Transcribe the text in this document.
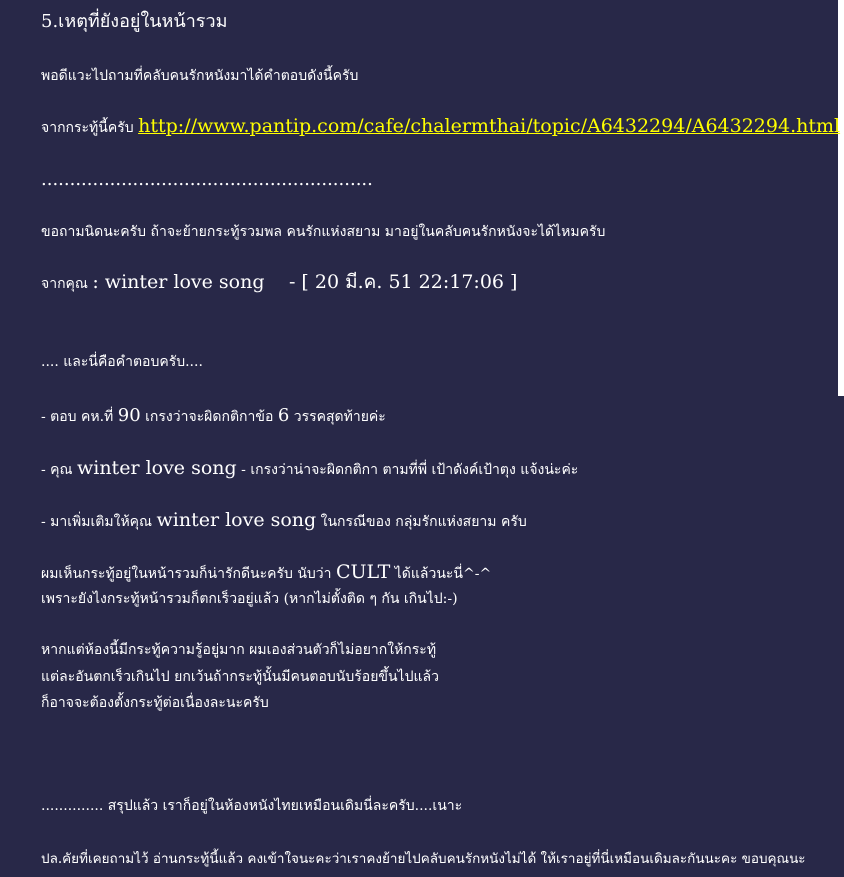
5.เหตุที่ยังอยู่ในหน้ารวม
พอดีแวะไปถามที่คลับคนรักหนังมาได้คำตอบดังนี้ครับ
จากกระทู้นี้ครับ http://www.pantip.com/cafe/chalermthai/topic/A6432294/A6432294.html
..........................................................
ขอถามนิดนะครับ ถ้าจะย้ายกระทู้รวมพล คนรักแห่งสยาม มาอยู่ในคลับคนรักหนังจะได้ไหมครับ
จากคุณ : winter love song - [ 20 มี.ค. 51 22:17:06 ]
.... และนี่คือคำตอบครับ....
- ตอบ คห.ที่ 90 เกรงว่าจะผิดกติกาข้อ 6 วรรคสุดท้ายค่ะ
- คุณ winter love song - เกรงว่าน่าจะผิดกติกา ตามที่พี่ เป้าดังค์เป้าตุง แจ้งน่ะค่ะ
- มาเพิ่มเติมให้คุณ winter love song ในกรณีของ กลุ่มรักแห่งสยาม ครับ
ผมเห็นกระทู้อยู่ในหน้ารวมก็น่ารักดีนะครับ นับว่า CULT ได้แล้วนะนี่^-^
เพราะยังไงกระทู้หน้ารวมก็ตกเร็วอยู่แล้ว (หากไม่ตั้งติด ๆ กัน เกินไป:-)
หากแต่ห้องนี้มีกระทู้ความรู้อยู่มาก ผมเองส่วนตัวก็ไม่อยากให้กระทู้
แต่ละอันตกเร็วเกินไป ยกเว้นถ้ากระทู้นั้นมีคนตอบนับร้อยขึ้นไปแล้ว
ก็อาจจะต้องตั้งกระทู้ต่อเนื่องละนะครับ
.............. สรุปแล้ว เราก็อยู่ในห้องหนังไทยเหมือนเดิมนี่ละครับ....เนาะ
ปล.คัยที่เคยถามไว้ อ่านกระทู้นี้แล้ว คงเข้าใจนะคะว่าเราคงย้ายไปคลับคนรักหนังไม่ได้ ให้เราอยู่ที่นี่เหมือนเดิมละกันนะคะ ขอบคุณนะ
